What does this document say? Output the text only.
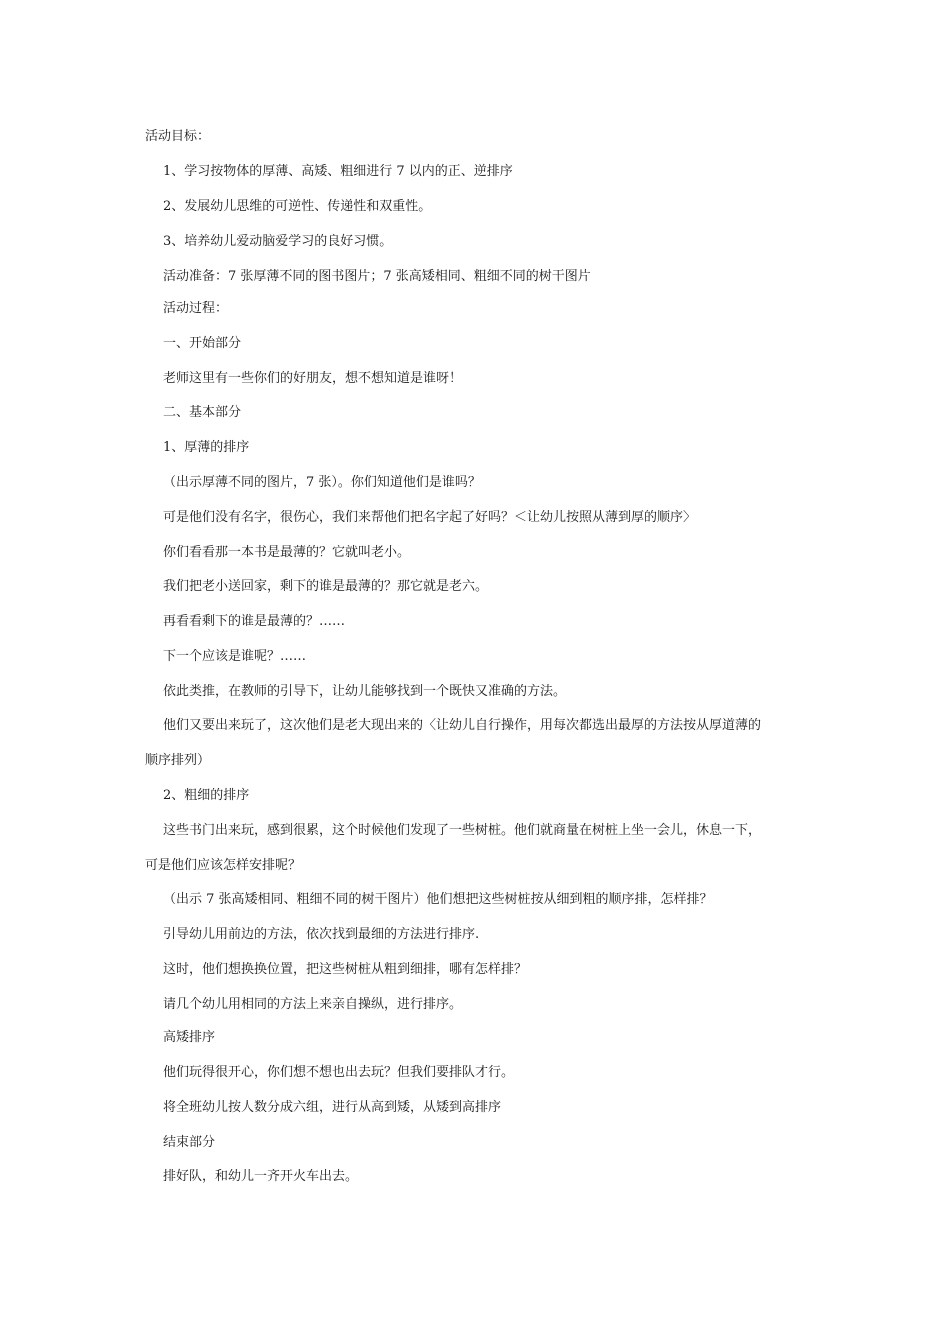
活动目标：
1、学习按物体的厚薄、高矮、粗细进行 7 以内的正、逆排序
2、发展幼儿思维的可逆性、传递性和双重性。
3、培养幼儿爱动脑爱学习的良好习惯。
活动准备：7 张厚薄不同的图书图片；7 张高矮相同、粗细不同的树干图片
活动过程：
一、开始部分
老师这里有一些你们的好朋友，想不想知道是谁呀！
二、基本部分
1、厚薄的排序
（出示厚薄不同的图片，7 张）。你们知道他们是谁吗？
可是他们没有名字，很伤心，我们来帮他们把名字起了好吗？＜让幼儿按照从薄到厚的顺序〉
你们看看那一本书是最薄的？它就叫老小。
我们把老小送回家，剩下的谁是最薄的？那它就是老六。
再看看剩下的谁是最薄的？……
下一个应该是谁呢？……
依此类推，在教师的引导下，让幼儿能够找到一个既快又准确的方法。
他们又要出来玩了，这次他们是老大现出来的〈让幼儿自行操作，用每次都选出最厚的方法按从厚道薄的
顺序排列）
2、粗细的排序
这些书门出来玩，感到很累，这个时候他们发现了一些树桩。他们就商量在树桩上坐一会儿，休息一下，
可是他们应该怎样安排呢？
（出示 7 张高矮相同、粗细不同的树干图片）他们想把这些树桩按从细到粗的顺序排，怎样排？
引导幼儿用前边的方法，依次找到最细的方法进行排序.
这时，他们想换换位置，把这些树桩从粗到细排，哪有怎样排？
请几个幼儿用相同的方法上来亲自操纵，进行排序。
高矮排序
他们玩得很开心，你们想不想也出去玩？但我们要排队才行。
将全班幼儿按人数分成六组，进行从高到矮，从矮到高排序
结束部分
排好队，和幼儿一齐开火车出去。
